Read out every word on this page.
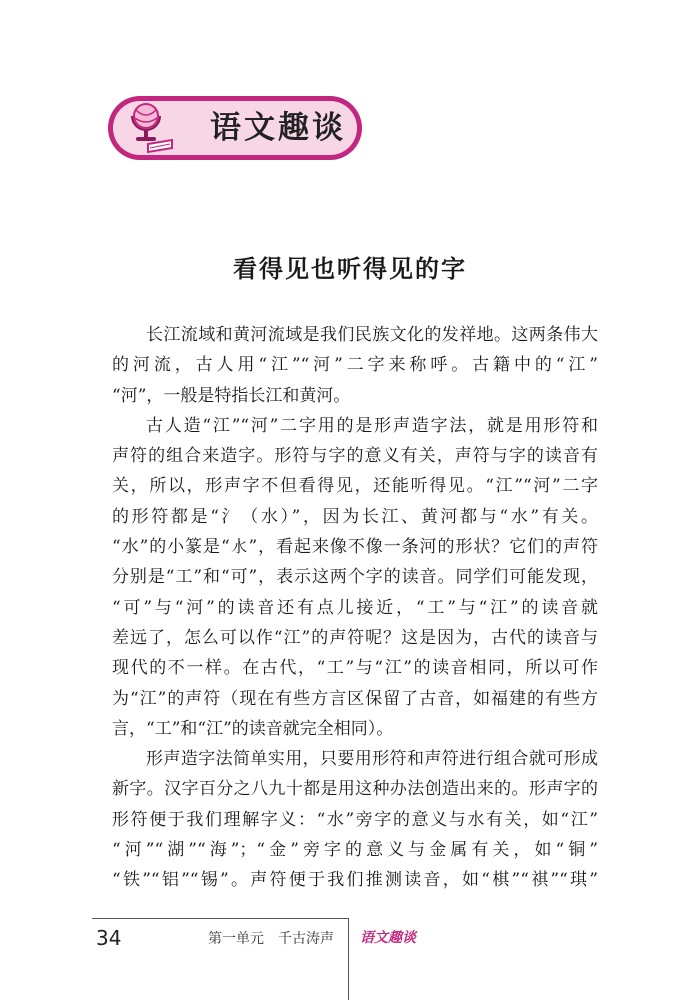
语文趣谈
看得见也听得见的字

长江流域和黄河流域是我们民族文化的发祥地。这两条伟大

的河流，古人用“江”“河”二字来称呼。古籍中的“江”

“河”，一般是特指长江和黄河。

古人造“江”“河”二字用的是形声造字法，就是用形符和

声符的组合来造字。形符与字的意义有关，声符与字的读音有

关，所以，形声字不但看得见，还能听得见。“江”“河”二字

的形符都是“氵（水）”，因为长江、黄河都与“水”有关。

“水”的小篆是“𣱱”，看起来像不像一条河的形状？它们的声符

分别是“工”和“可”，表示这两个字的读音。同学们可能发现，

“可”与“河”的读音还有点儿接近，“工”与“江”的读音就

差远了，怎么可以作“江”的声符呢？这是因为，古代的读音与

现代的不一样。在古代，“工”与“江”的读音相同，所以可作

为“江”的声符（现在有些方言区保留了古音，如福建的有些方

言，“工”和“江”的读音就完全相同）。

形声造字法简单实用，只要用形符和声符进行组合就可形成

新字。汉字百分之八九十都是用这种办法创造出来的。形声字的

形符便于我们理解字义：“水”旁字的意义与水有关，如“江”

“河”“湖”“海”；“金”旁字的意义与金属有关，如“铜”

“铁”“铝”“锡”。声符便于我们推测读音，如“棋”“祺”“琪”

34	第一单元　千古涛声 语文趣谈
